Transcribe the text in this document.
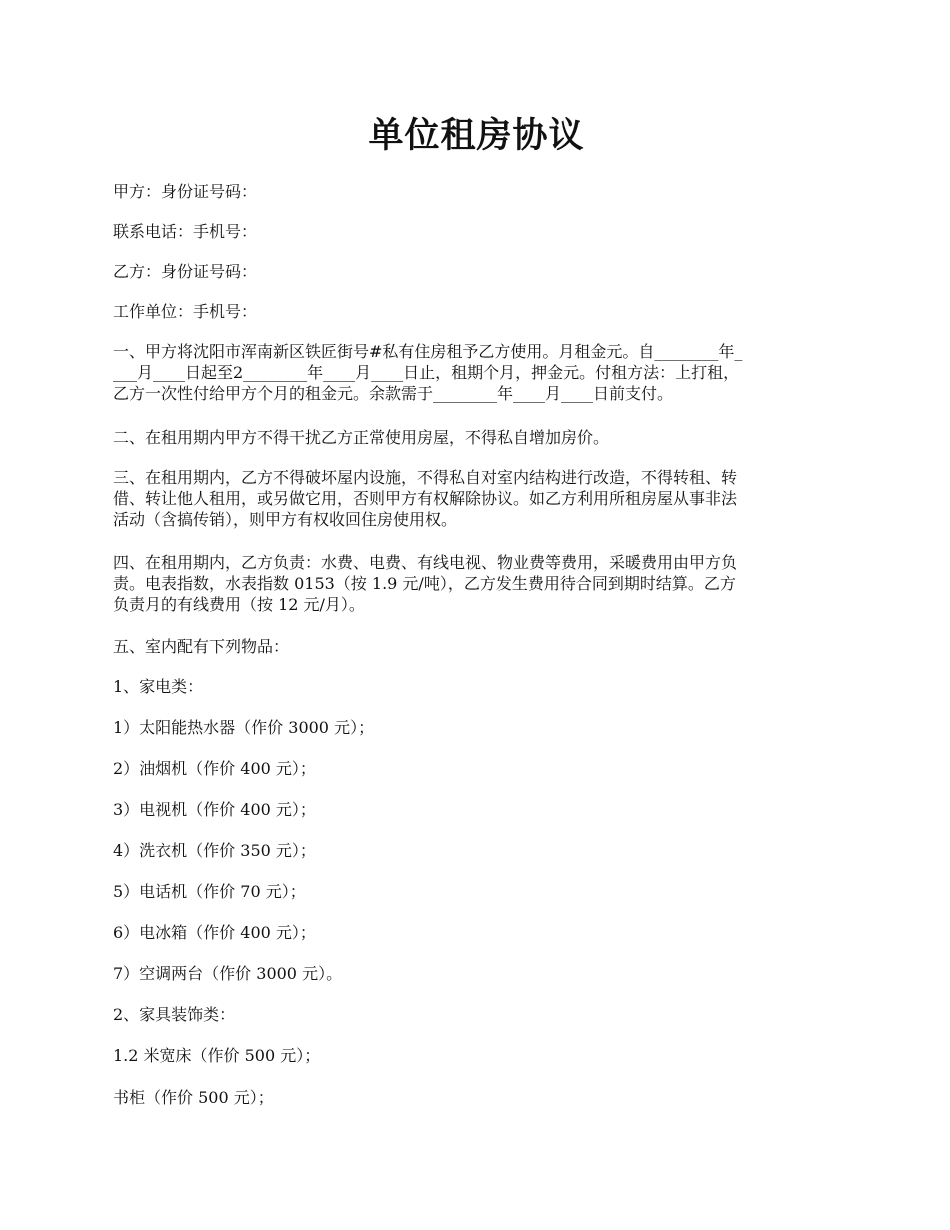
单位租房协议

甲方：身份证号码：

联系电话：手机号：

乙方：身份证号码：

工作单位：手机号：

一、甲方将沈阳市浑南新区铁匠街号#私有住房租予乙方使用。月租金元。自________年_
___月____日起至2________年____月____日止，租期个月，押金元。付租方法：上打租，
乙方一次性付给甲方个月的租金元。余款需于________年____月____日前支付。

二、在租用期内甲方不得干扰乙方正常使用房屋，不得私自增加房价。

三、在租用期内，乙方不得破坏屋内设施，不得私自对室内结构进行改造，不得转租、转
借、转让他人租用，或另做它用，否则甲方有权解除协议。如乙方利用所租房屋从事非法
活动（含搞传销），则甲方有权收回住房使用权。
四、在租用期内，乙方负责：水费、电费、有线电视、物业费等费用，采暖费用由甲方负
责。电表指数，水表指数 0153（按 1.9 元/吨），乙方发生费用待合同到期时结算。乙方
负责月的有线费用（按 12 元/月）。

五、室内配有下列物品：

1、家电类：

1）太阳能热水器（作价 3000 元）；

2）油烟机（作价 400 元）；

3）电视机（作价 400 元）；

4）洗衣机（作价 350 元）；

5）电话机（作价 70 元）；

6）电冰箱（作价 400 元）；

7）空调两台（作价 3000 元）。

2、家具装饰类：

1.2 米宽床（作价 500 元）；

书柜（作价 500 元）；
